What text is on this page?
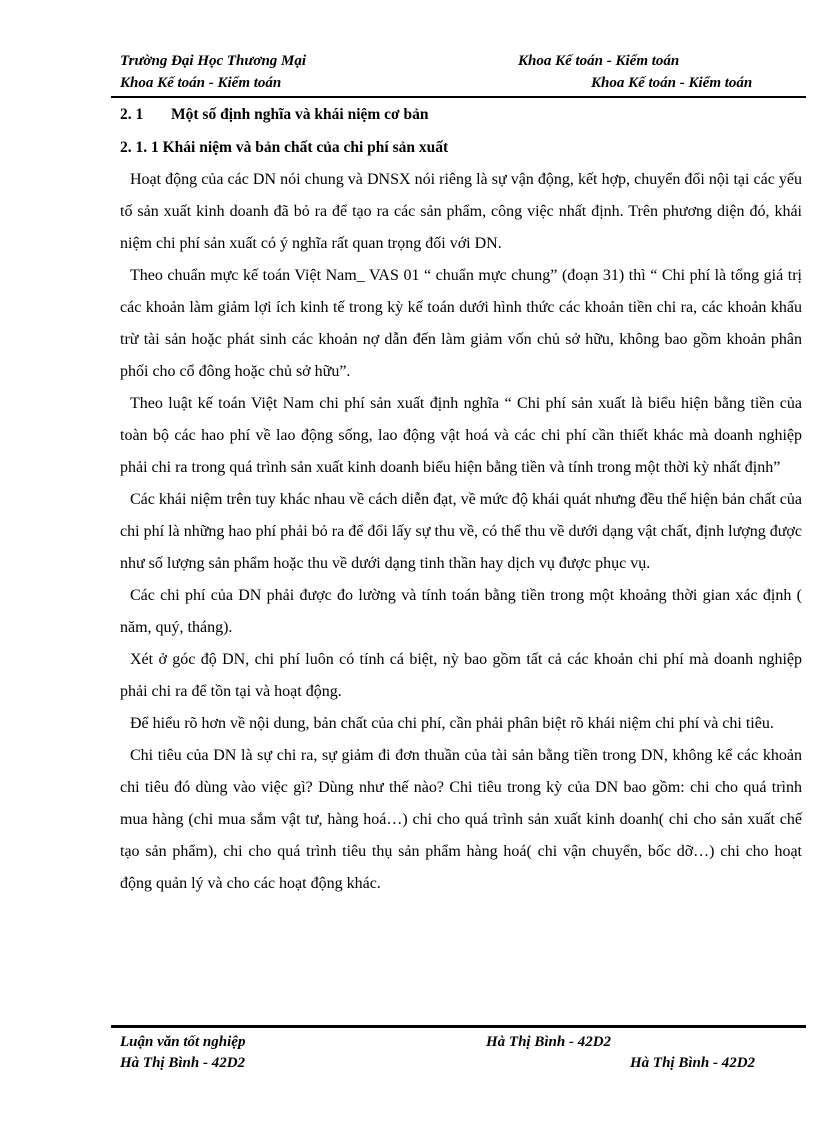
Trường Đại Học Thương Mại	Khoa Kế toán - Kiểm toán
Khoa Kế toán - Kiểm toán	Khoa Kế toán - Kiểm toán
2. 1 Một số định nghĩa và khái niệm cơ bản
2. 1. 1 Khái niệm và bản chất của chi phí sản xuất

Hoạt động của các DN nói chung và DNSX nói riêng là sự vận động, kết hợp, chuyển đổi nội tại các yếu tố sản xuất kinh doanh đã bỏ ra để tạo ra các sản phẩm, công việc nhất định. Trên phương diện đó, khái niệm chi phí sản xuất có ý nghĩa rất quan trọng đối với DN.

Theo chuẩn mực kế toán Việt Nam_ VAS 01 “ chuẩn mực chung” (đoạn 31) thì “ Chi phí là tổng giá trị các khoản làm giảm lợi ích kinh tế trong kỳ kế toán dưới hình thức các khoản tiền chi ra, các khoản khấu trừ tài sản hoặc phát sinh các khoản nợ dẫn đến làm giảm vốn chủ sở hữu, không bao gồm khoản phân phối cho cổ đông hoặc chủ sở hữu”.

Theo luật kế toán Việt Nam chi phí sản xuất định nghĩa “ Chi phí sản xuất là biểu hiện bằng tiền của toàn bộ các hao phí về lao động sống, lao động vật hoá và các chi phí cần thiết khác mà doanh nghiệp phải chi ra trong quá trình sản xuất kinh doanh biểu hiện bằng tiền và tính trong một thời kỳ nhất định”

Các khái niệm trên tuy khác nhau về cách diễn đạt, về mức độ khái quát nhưng đều thể hiện bản chất của chi phí là những hao phí phải bỏ ra để đổi lấy sự thu về, có thể thu về dưới dạng vật chất, định lượng được như số lượng sản phẩm hoặc thu về dưới dạng tinh thần hay dịch vụ được phục vụ.

Các chi phí của DN phải được đo lường và tính toán bằng tiền trong một khoảng thời gian xác định ( năm, quý, tháng).

Xét ở góc độ DN, chi phí luôn có tính cá biệt, nỳ bao gồm tất cả các khoản chi phí mà doanh nghiệp phải chi ra để tồn tại và hoạt động.

Để hiểu rõ hơn về nội dung, bản chất của chi phí, cần phải phân biệt rõ khái niệm chi phí và chi tiêu.

Chi tiêu của DN là sự chi ra, sự giảm đi đơn thuần của tài sản bằng tiền trong DN, không kể các khoản chi tiêu đó dùng vào việc gì? Dùng như thế nào? Chi tiêu trong kỳ của DN bao gồm: chi cho quá trình mua hàng (chi mua sắm vật tư, hàng hoá…) chi cho quá trình sản xuất kinh doanh( chi cho sản xuất chế tạo sản phẩm), chi cho quá trình tiêu thụ sản phẩm hàng hoá( chi vận chuyển, bốc dỡ…) chi cho hoạt động quản lý và cho các hoạt động khác.

Luận văn tốt nghiệp	Hà Thị Bình - 42D2
Hà Thị Bình - 42D2	Hà Thị Bình - 42D2
